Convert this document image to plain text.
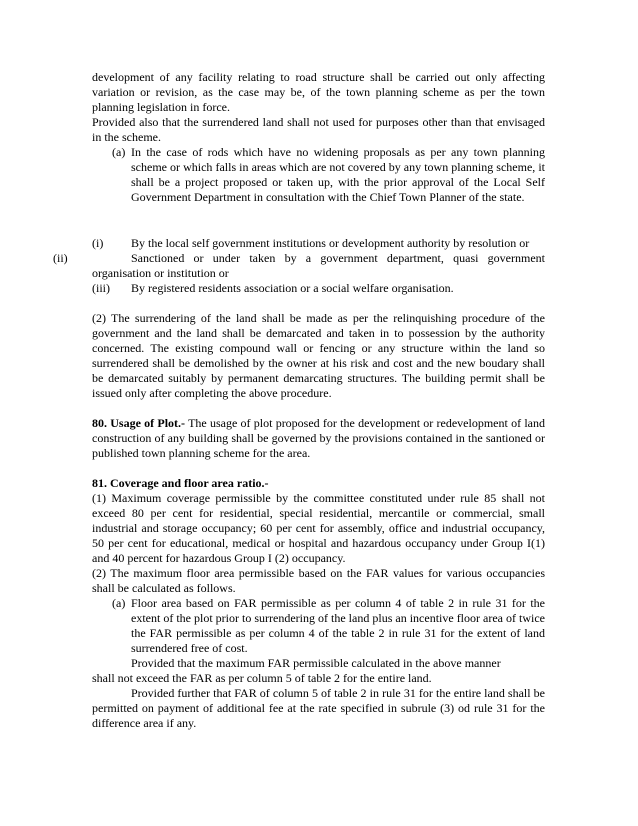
development of any facility relating to road structure shall be carried out only affecting variation or revision, as the case may be, of the town planning scheme as per the town planning legislation in force.

Provided also that the surrendered land shall not used for purposes other than that envisaged in the scheme.

(a) In the case of rods which have no widening proposals as per any town planning scheme or which falls in areas which are not covered by any town planning scheme, it shall be a project proposed or taken up, with the prior approval of the Local Self Government Department in consultation with the Chief Town Planner of the state.
(i) By the local self government institutions or development authority by resolution or
(ii)	Sanctioned or under taken by a government department, quasi government organisation or institution or
(iii) By registered residents association or a social welfare organisation.

(2) The surrendering of the land shall be made as per the relinquishing procedure of the government and the land shall be demarcated and taken in to possession by the authority concerned. The existing compound wall or fencing or any structure within the land so surrendered shall be demolished by the owner at his risk and cost and the new boudary shall be demarcated suitably by permanent demarcating structures. The building permit shall be issued only after completing the above procedure.

80. Usage of Plot.- The usage of plot proposed for the development or redevelopment of land construction of any building shall be governed by the provisions contained in the santioned or published town planning scheme for the area.

81. Coverage and floor area ratio.-

(1) Maximum coverage permissible by the committee constituted under rule 85 shall not exceed 80 per cent for residential, special residential, mercantile or commercial, small industrial and storage occupancy; 60 per cent for assembly, office and industrial occupancy, 50 per cent for educational, medical or hospital and hazardous occupancy under Group I(1) and 40 percent for hazardous Group I (2) occupancy.

(2) The maximum floor area permissible based on the FAR values for various occupancies shall be calculated as follows.

(a) Floor area based on FAR permissible as per column 4 of table 2 in rule 31 for the extent of the plot prior to surrendering of the land plus an incentive floor area of twice the FAR permissible as per column 4 of the table 2 in rule 31 for the extent of land surrendered free of cost.

Provided that the maximum FAR permissible calculated in the above manner

shall not exceed the FAR as per column 5 of table 2 for the entire land.

Provided further that FAR of column 5 of table 2 in rule 31 for the entire land shall be permitted on payment of additional fee at the rate specified in subrule (3) od rule 31 for the difference area if any.
